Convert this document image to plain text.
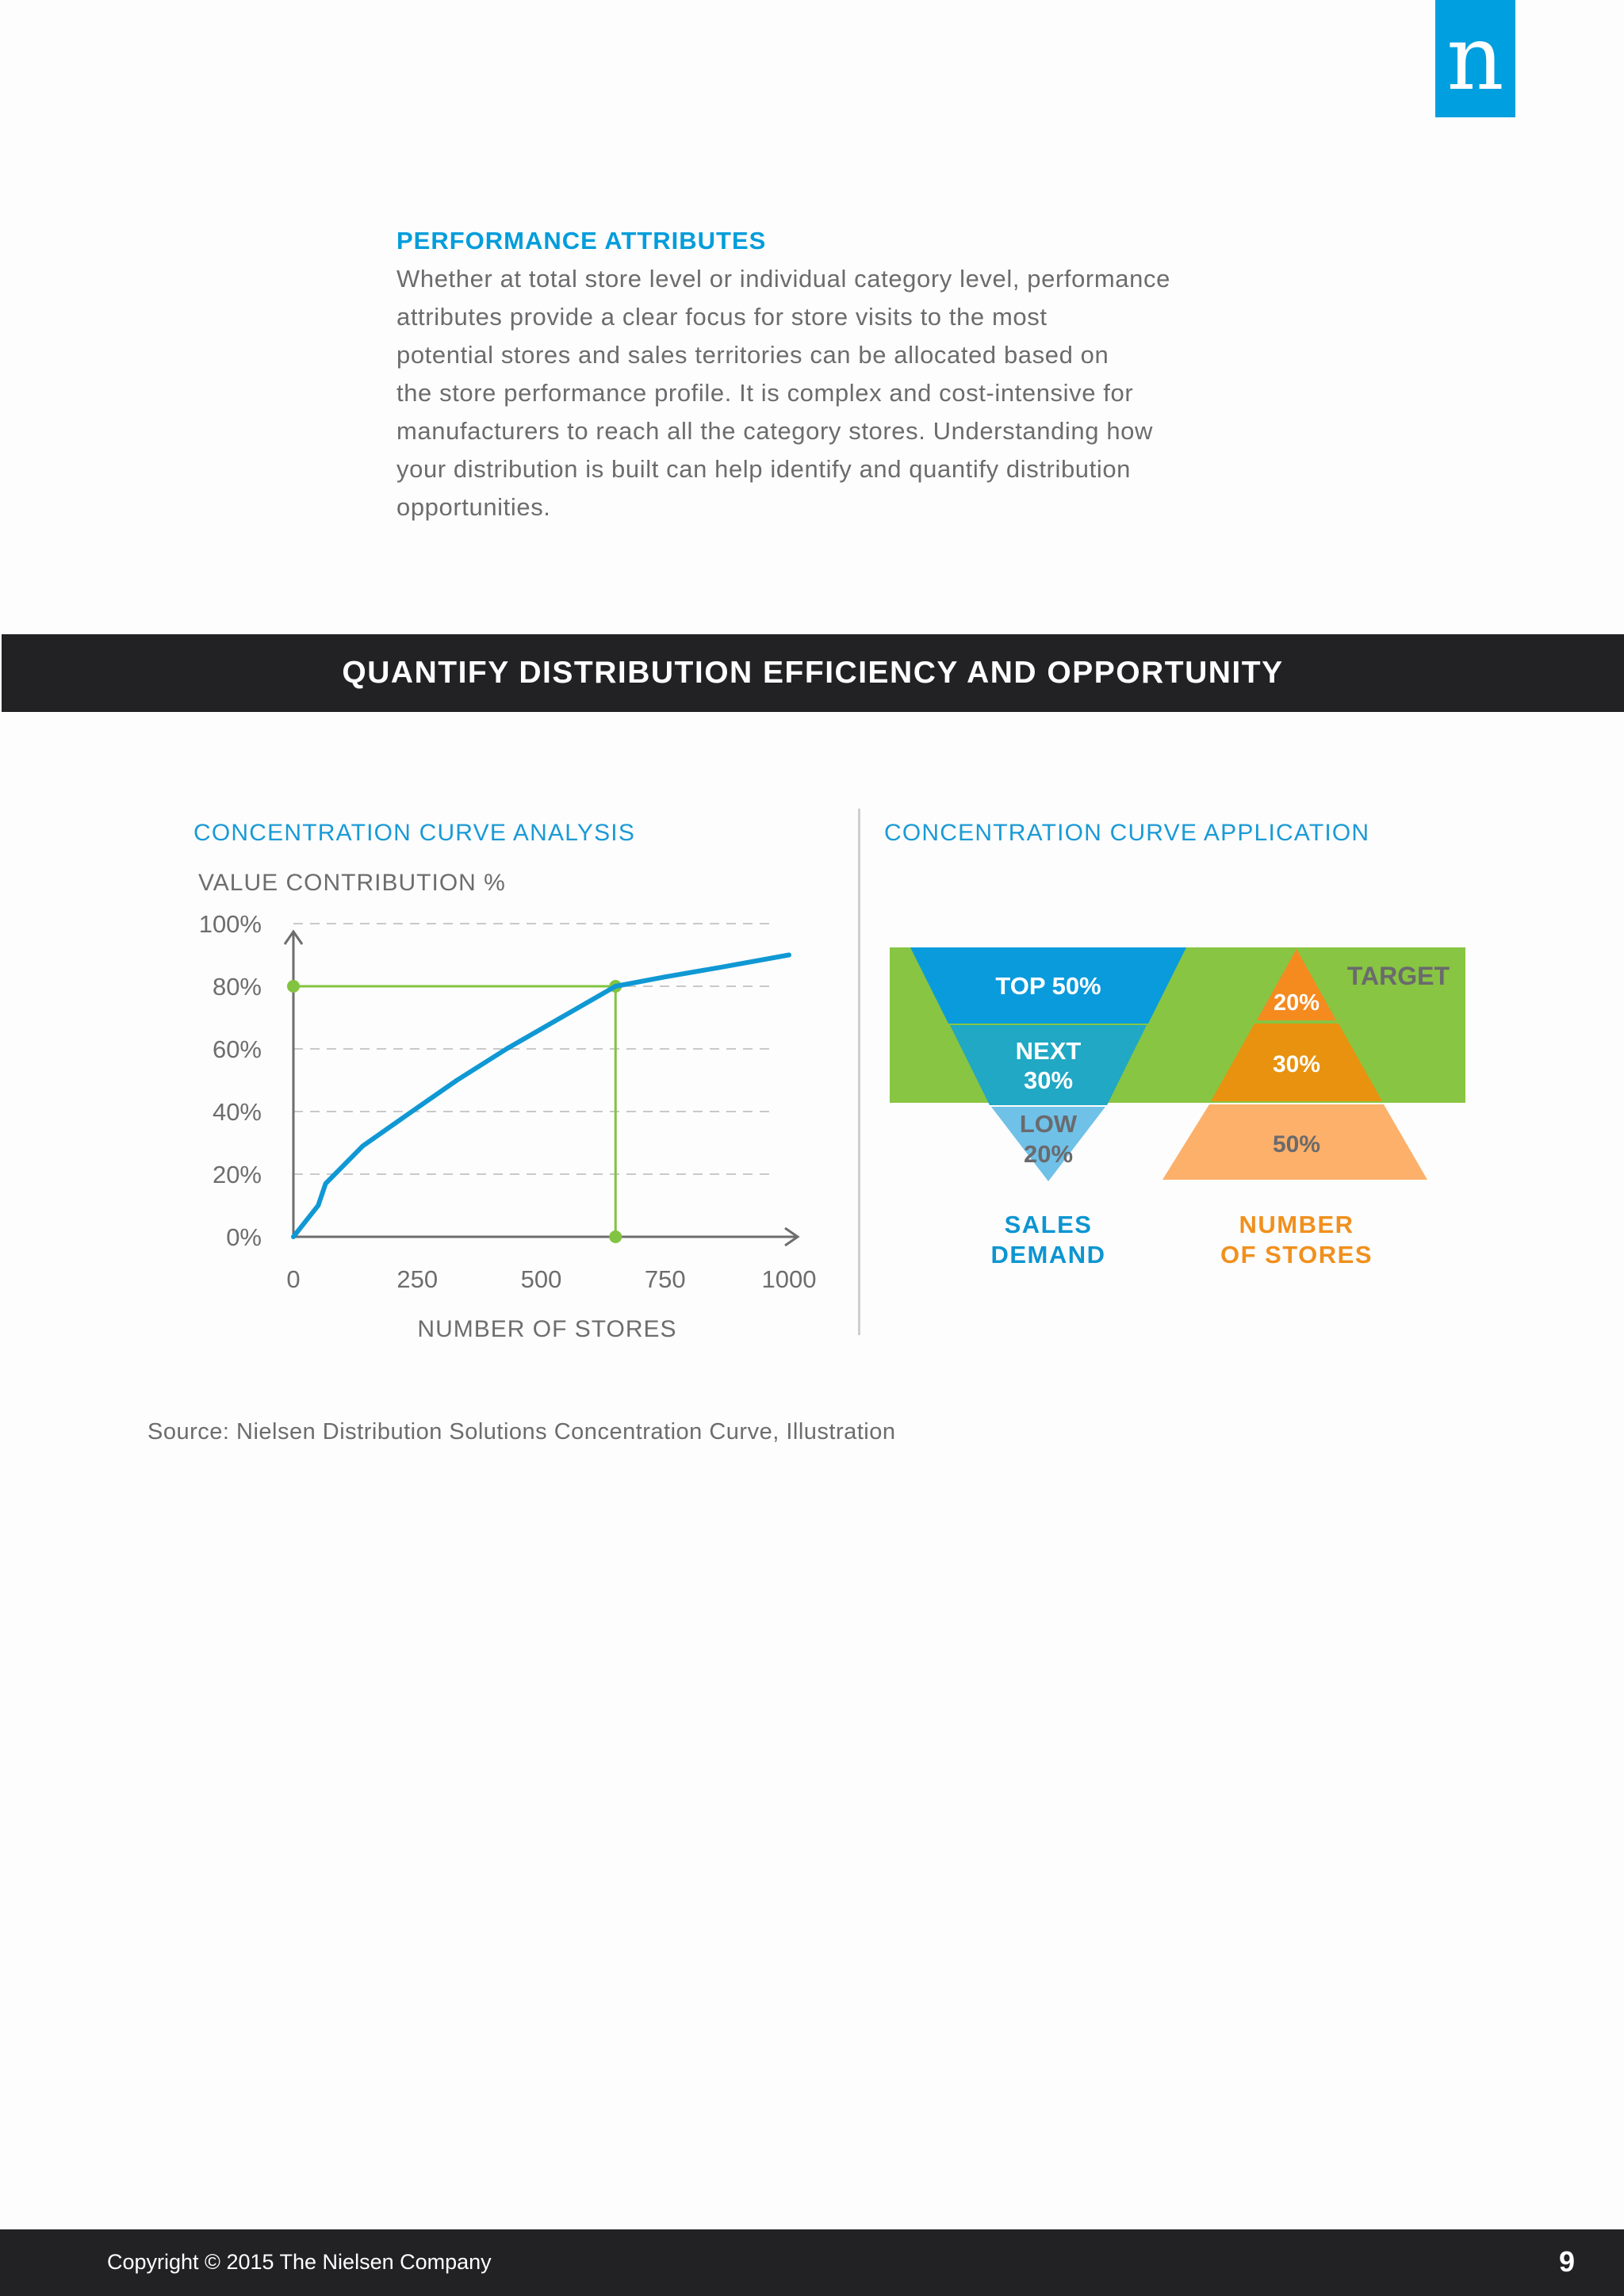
n
PERFORMANCE ATTRIBUTES
Whether at total store level or individual category level, performance
attributes provide a clear focus for store visits to the most
potential stores and sales territories can be allocated based on
the store performance profile. It is complex and cost-intensive for
manufacturers to reach all the category stores. Understanding how
your distribution is built can help identify and quantify distribution
opportunities.
QUANTIFY DISTRIBUTION EFFICIENCY AND OPPORTUNITY
CONCENTRATION CURVE ANALYSIS	CONCENTRATION CURVE APPLICATION
VALUE CONTRIBUTION %
NUMBER OF STORES
0%
20%
40%
60%
80%
100%
0	250	500	750	1000
TARGET
TOP 50%
NEXT
30%
LOW
20%
20%
30%
50%
SALES
DEMAND
NUMBER
OF STORES
Source: Nielsen Distribution Solutions Concentration Curve, Illustration
Copyright © 2015 The Nielsen Company	9
